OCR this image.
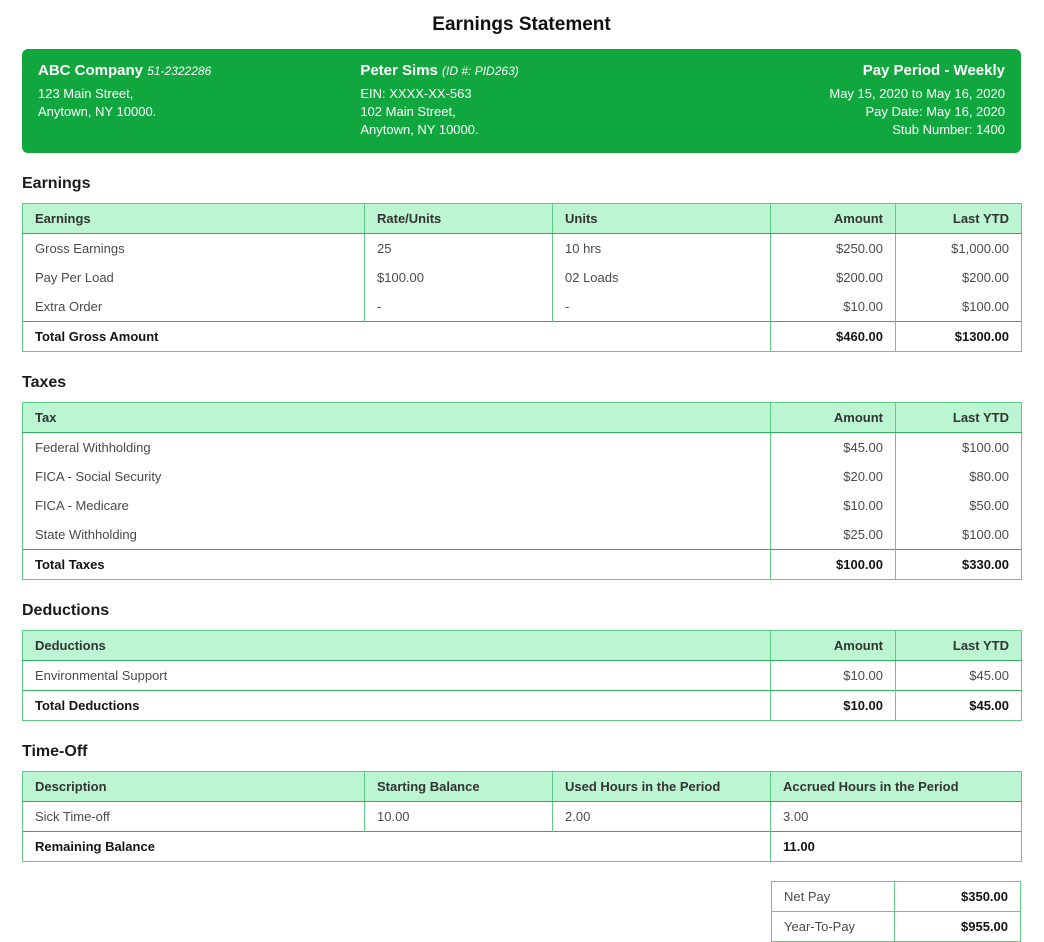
Earnings Statement
ABC Company 51-2322286
123 Main Street,
Anytown, NY 10000.
Peter Sims (ID #: PID263)
EIN: XXXX-XX-563
102 Main Street,
Anytown, NY 10000.
Pay Period - Weekly
May 15, 2020 to May 16, 2020
Pay Date: May 16, 2020
Stub Number: 1400
Earnings
Earnings	Rate/Units	Units	Amount	Last YTD
Gross Earnings	25	10 hrs	$250.00	$1,000.00
Pay Per Load	$100.00	02 Loads	$200.00	$200.00
Extra Order	-	-	$10.00	$100.00
Total Gross Amount			$460.00	$1300.00
Taxes
Tax	Amount	Last YTD
Federal Withholding	$45.00	$100.00
FICA - Social Security	$20.00	$80.00
FICA - Medicare	$10.00	$50.00
State Withholding	$25.00	$100.00
Total Taxes	$100.00	$330.00
Deductions
Deductions	Amount	Last YTD
Environmental Support	$10.00	$45.00
Total Deductions	$10.00	$45.00
Time-Off
Description	Starting Balance	Used Hours in the Period	Accrued Hours in the Period
Sick Time-off	10.00	2.00	3.00
Remaining Balance			11.00
Net Pay	$350.00
Year-To-Pay	$955.00
